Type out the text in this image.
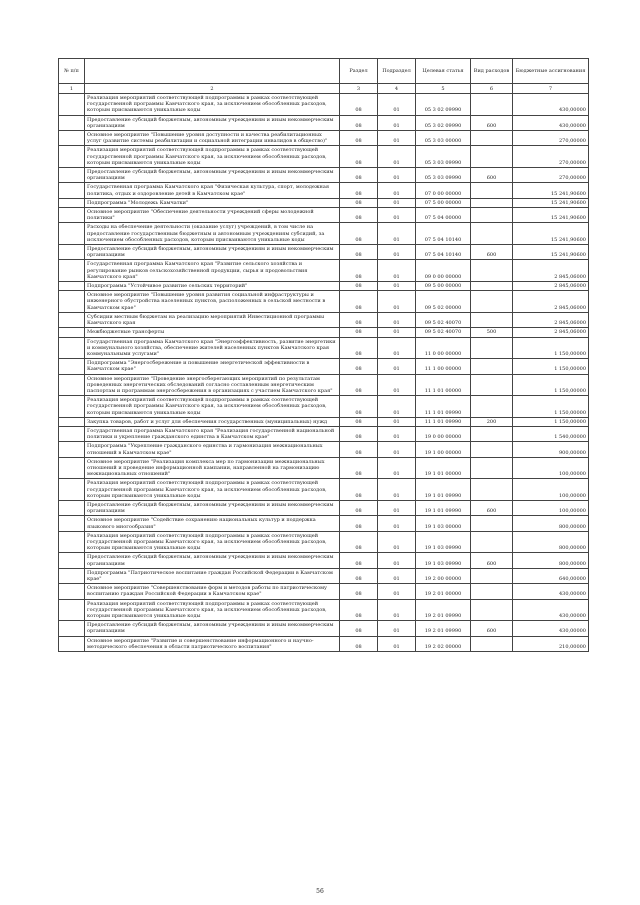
№ п/п		Раздел	Подраздел	Целевая статья	Вид расходов	Бюджетные ассигнования
1	2	3	4	5	6	7
	Реализация мероприятий соответствующей подпрограммы в рамках соответствующей государственной программы Камчатского края, за исключением обособленных расходов, которым присваиваются уникальные коды	08	01	05 3 02 09990		430,00000
	Предоставление субсидий бюджетным, автономным учреждениям и иным некоммерческим организациям	08	01	05 3 02 09990	600	430,00000
	Основное мероприятие "Повышение уровня доступности и качества реабилитационных услуг (развитие системы реабилитации и социальной интеграции инвалидов в общество)"	08	01	05 3 03 00000		270,00000
	Реализация мероприятий соответствующей подпрограммы в рамках соответствующей государственной программы Камчатского края, за исключением обособленных расходов, которым присваиваются уникальные коды	08	01	05 3 03 09990		270,00000
	Предоставление субсидий бюджетным, автономным учреждениям и иным некоммерческим организациям	08	01	05 3 03 09990	600	270,00000
	Государственная программа Камчатского края "Физическая культура, спорт, молодежная политика, отдых и оздоровление детей в Камчатском крае"	08	01	07 0 00 00000		15 241,90600
	Подпрограмма "Молодежь Камчатки"	08	01	07 5 00 00000		15 241,90600
	Основное мероприятие "Обеспечение деятельности учреждений сферы молодежной политики"	08	01	07 5 04 00000		15 241,90600
	Расходы на обеспечение деятельности (оказание услуг) учреждений, в том числе на предоставление государственным бюджетным и автономным учреждениям субсидий, за исключением обособленных расходов, которым присваиваются уникальные коды	08	01	07 5 04 10140		15 241,90600
	Предоставление субсидий бюджетным, автономным учреждениям и иным некоммерческим организациям	08	01	07 5 04 10140	600	15 241,90600
	Государственная программа Камчатского края "Развитие сельского хозяйства и регулирование рынков сельскохозяйственной продукции, сырья и продовольствия Камчатского края"	08	01	09 0 00 00000		2 845,06000
	Подпрограмма "Устойчивое развитие сельских территорий"	08	01	09 5 00 00000		2 845,06000
	Основное мероприятие "Повышение уровня развития социальной инфраструктуры и инженерного обустройства населенных пунктов, расположенных в сельской местности в Камчатском крае"	08	01	09 5 02 00000		2 845,06000
	Субсидии местным бюджетам на реализацию мероприятий Инвестиционной программы Камчатского края	08	01	09 5 02 40070		2 845,06000
	Межбюджетные трансферты	08	01	09 5 02 40070	500	2 845,06000
	Государственная программа Камчатского края "Энергоэффективность, развитие энергетики и коммунального хозяйства, обеспечение жителей населенных пунктов Камчатского края коммунальными услугами"	08	01	11 0 00 00000		1 150,00000
	Подпрограмма "Энергосбережение и повышение энергетической эффективности в Камчатском крае"	08	01	11 1 00 00000		1 150,00000
	Основное мероприятие "Проведение энергосберегающих мероприятий по результатам проведенных энергетических обследований согласно составленным энергетическим паспортам и программам энергосбережения в организациях с участием Камчатского края"	08	01	11 1 01 00000		1 150,00000
	Реализация мероприятий соответствующей подпрограммы в рамках соответствующей государственной программы Камчатского края, за исключением обособленных расходов, которым присваиваются уникальные коды	08	01	11 1 01 09990		1 150,00000
	Закупка товаров, работ и услуг для обеспечения государственных (муниципальных) нужд	08	01	11 1 01 09990	200	1 150,00000
	Государственная программа Камчатского края "Реализация государственной национальной политики и укрепление гражданского единства в Камчатском крае"	08	01	19 0 00 00000		1 540,00000
	Подпрограмма "Укрепление гражданского единства и гармонизация межнациональных отношений в Камчатском крае"	08	01	19 1 00 00000		900,00000
	Основное мероприятие "Реализация комплекса мер по гармонизации межнациональных отношений и проведение информационной кампании, направленной на гармонизацию межнациональных отношений"	08	01	19 1 01 00000		100,00000
	Реализация мероприятий соответствующей подпрограммы в рамках соответствующей государственной программы Камчатского края, за исключением обособленных расходов, которым присваиваются уникальные коды	08	01	19 1 01 09990		100,00000
	Предоставление субсидий бюджетным, автономным учреждениям и иным некоммерческим организациям	08	01	19 1 01 09990	600	100,00000
	Основное мероприятие "Содействие сохранению национальных культур и поддержка языкового многообразия"	08	01	19 1 03 00000		800,00000
	Реализация мероприятий соответствующей подпрограммы в рамках соответствующей государственной программы Камчатского края, за исключением обособленных расходов, которым присваиваются уникальные коды	08	01	19 1 03 09990		800,00000
	Предоставление субсидий бюджетным, автономным учреждениям и иным некоммерческим организациям	08	01	19 1 03 09990	600	800,00000
	Подпрограмма "Патриотическое воспитание граждан Российской Федерации в Камчатском крае"	08	01	19 2 00 00000		640,00000
	Основное мероприятие "Совершенствование форм и методов работы по патриотическому воспитанию граждан Российской Федерации в Камчатском крае"	08	01	19 2 01 00000		430,00000
	Реализация мероприятий соответствующей подпрограммы в рамках соответствующей государственной программы Камчатского края, за исключением обособленных расходов, которым присваиваются уникальные коды	08	01	19 2 01 09990		430,00000
	Предоставление субсидий бюджетным, автономным учреждениям и иным некоммерческим организациям	08	01	19 2 01 09990	600	430,00000
	Основное мероприятие "Развитие и совершенствование информационного и научно-методического обеспечения в области патриотического воспитания"	08	01	19 2 02 00000		210,00000
56
